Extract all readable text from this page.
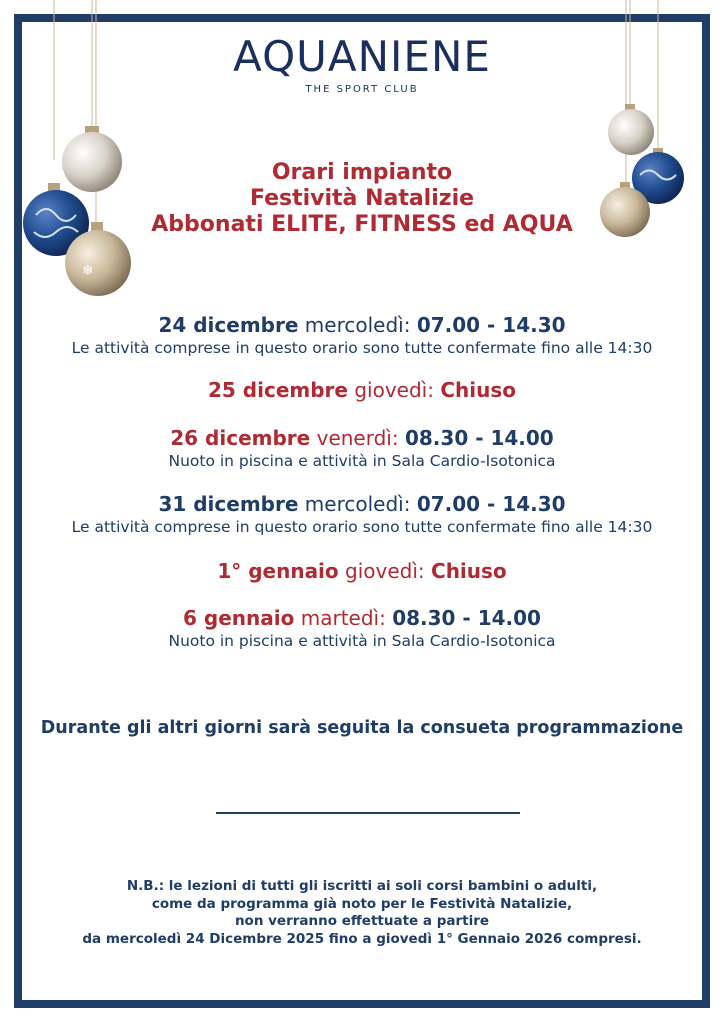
❄
AQUANIENE
THE SPORT CLUB
Orari impianto
Festività Natalizie
Abbonati ELITE, FITNESS ed AQUA
24 dicembre mercoledì: 07.00 - 14.30
Le attività comprese in questo orario sono tutte confermate fino alle 14:30
25 dicembre giovedì: Chiuso
26 dicembre venerdì: 08.30 - 14.00
Nuoto in piscina e attività in Sala Cardio-Isotonica
31 dicembre mercoledì: 07.00 - 14.30
Le attività comprese in questo orario sono tutte confermate fino alle 14:30
1° gennaio giovedì: Chiuso
6 gennaio martedì: 08.30 - 14.00
Nuoto in piscina e attività in Sala Cardio-Isotonica
Durante gli altri giorni sarà seguita la consueta programmazione
N.B.: le lezioni di tutti gli iscritti ai soli corsi bambini o adulti,
come da programma già noto per le Festività Natalizie,
non verranno effettuate a partire
da mercoledì 24 Dicembre 2025 fino a giovedì 1° Gennaio 2026 compresi.
